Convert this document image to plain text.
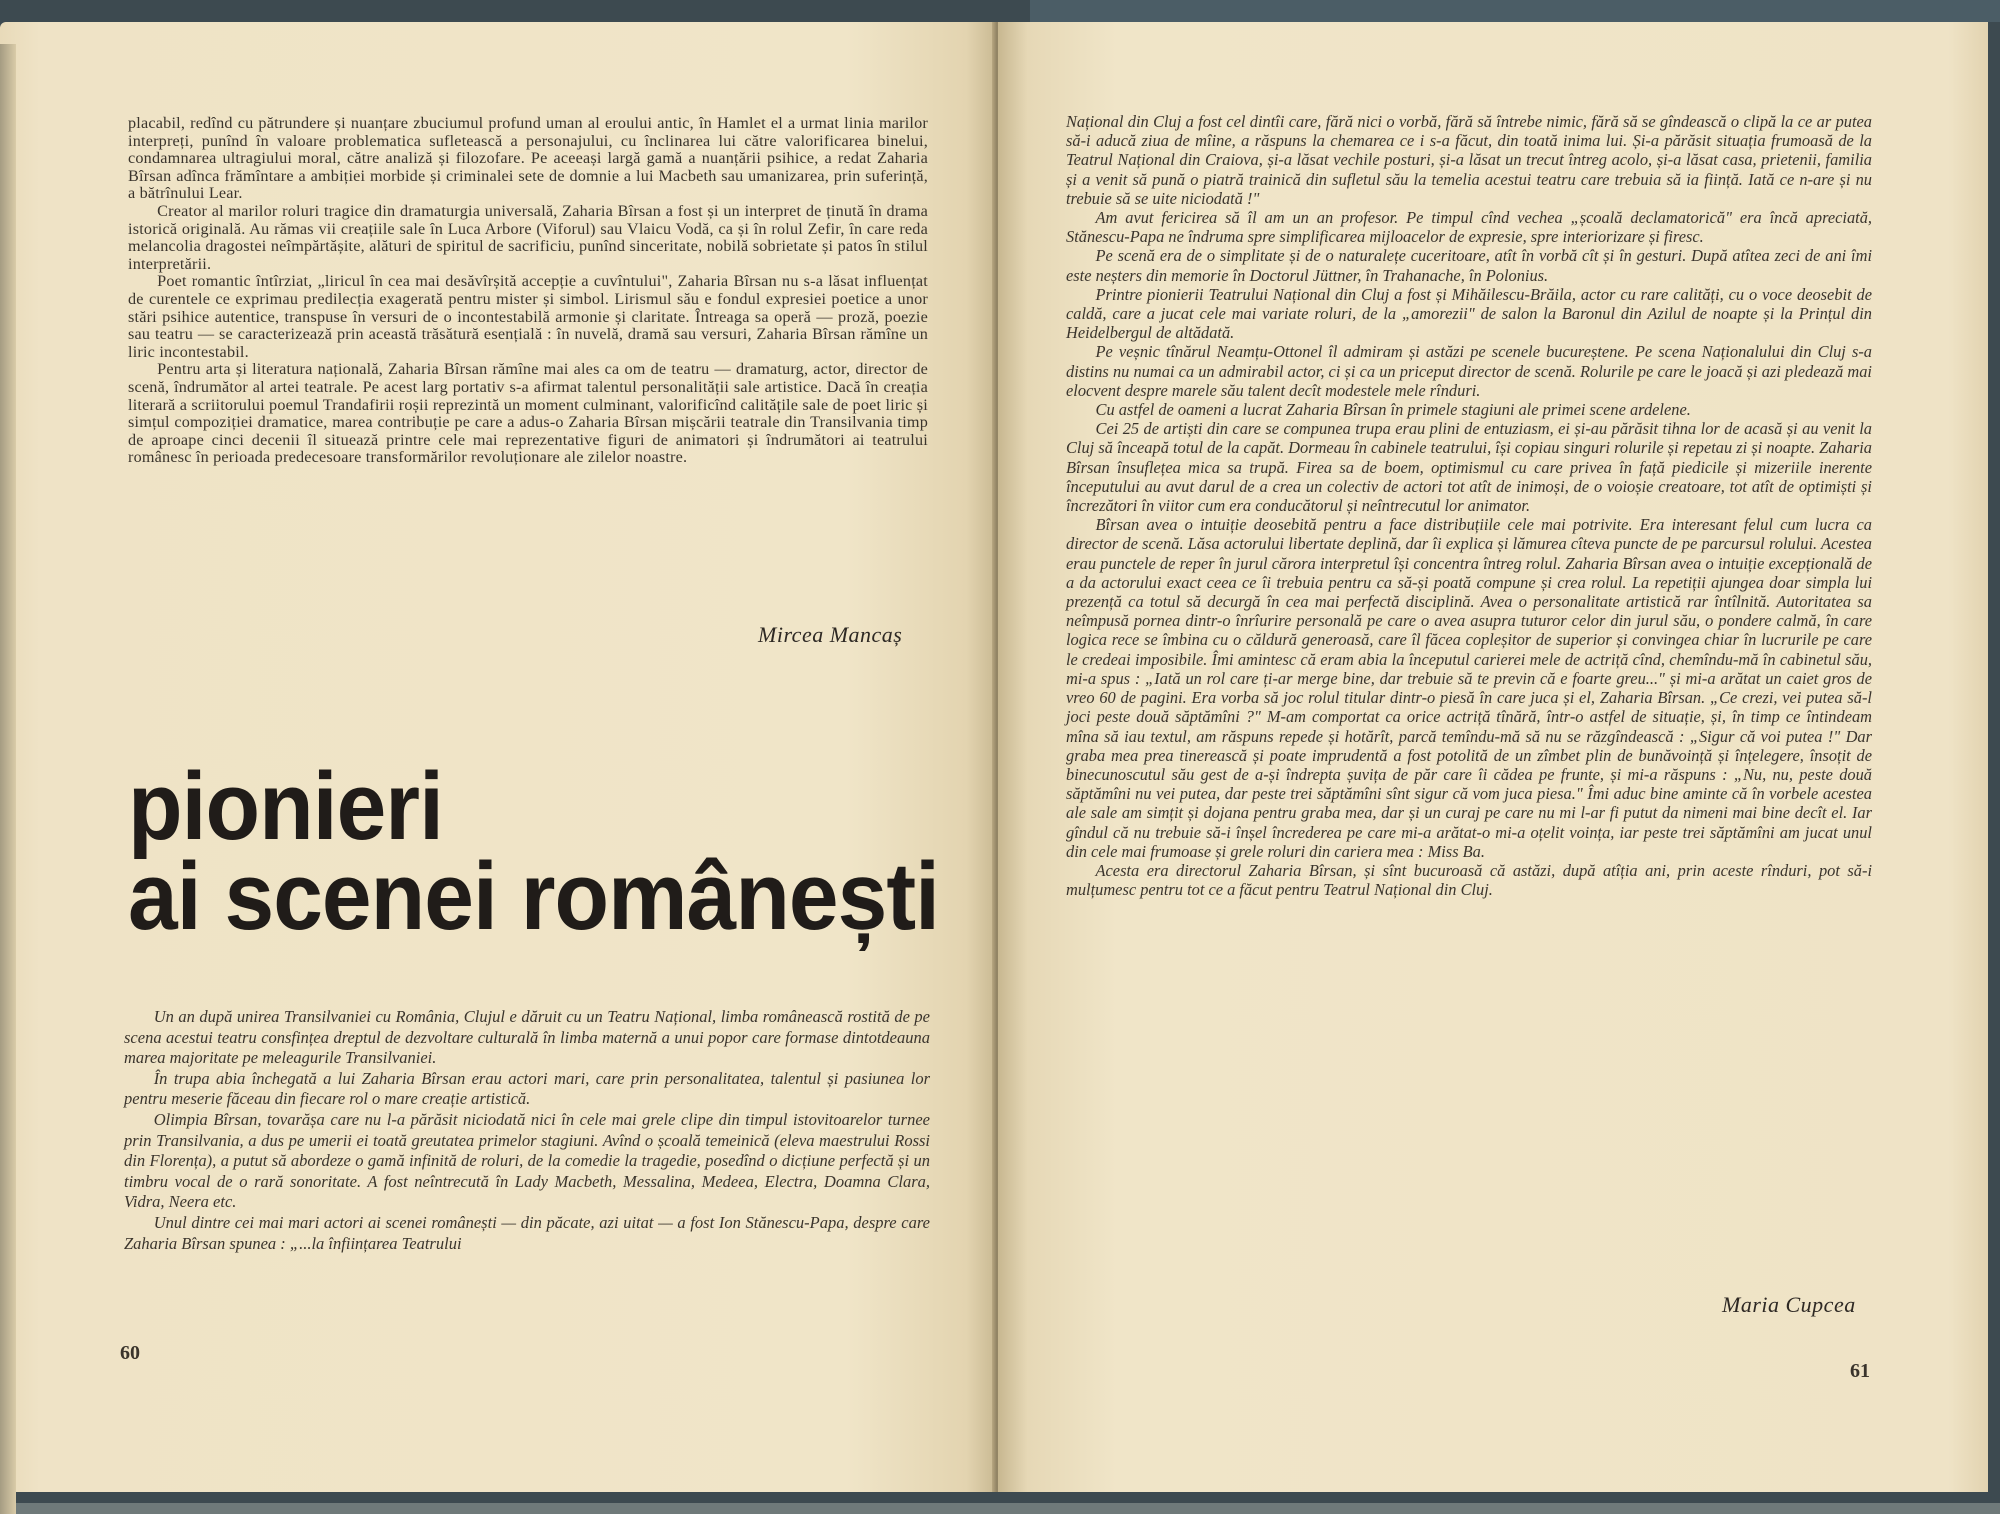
placabil, redînd cu pătrundere și nuanțare zbuciumul profund uman al eroului antic, în Hamlet el a urmat linia marilor interpreți, punînd în valoare problematica sufletească a personajului, cu înclinarea lui către valorificarea binelui, condamnarea ultragiului moral, către analiză și filozofare. Pe aceeași largă gamă a nuanțării psihice, a redat Zaharia Bîrsan adînca frămîntare a ambiției morbide și criminalei sete de domnie a lui Macbeth sau umanizarea, prin suferință, a bătrînului Lear.

Creator al marilor roluri tragice din dramaturgia universală, Zaharia Bîrsan a fost și un interpret de ținută în drama istorică originală. Au rămas vii creațiile sale în Luca Arbore (Viforul) sau Vlaicu Vodă, ca și în rolul Zefir, în care reda melancolia dragostei neîmpărtășite, alături de spiritul de sacrificiu, punînd sinceritate, nobilă sobrietate și patos în stilul interpretării.

Poet romantic întîrziat, „liricul în cea mai desăvîrșită accepție a cuvîntului", Zaharia Bîrsan nu s-a lăsat influențat de curentele ce exprimau predilecția exagerată pentru mister și simbol. Lirismul său e fondul expresiei poetice a unor stări psihice autentice, transpuse în versuri de o incontestabilă armonie și claritate. Întreaga sa operă — proză, poezie sau teatru — se caracterizează prin această trăsătură esențială : în nuvelă, dramă sau versuri, Zaharia Bîrsan rămîne un liric incontestabil.

Pentru arta și literatura națională, Zaharia Bîrsan rămîne mai ales ca om de teatru — dramaturg, actor, director de scenă, îndrumător al artei teatrale. Pe acest larg portativ s-a afirmat talentul personalității sale artistice. Dacă în creația literară a scriitorului poemul Trandafirii roșii reprezintă un moment culminant, valorificînd calitățile sale de poet liric și simțul compoziției dramatice, marea contribuție pe care a adus-o Zaharia Bîrsan mișcării teatrale din Transilvania timp de aproape cinci decenii îl situează printre cele mai reprezentative figuri de animatori și îndrumători ai teatrului românesc în perioada predecesoare transformărilor revoluționare ale zilelor noastre.

Mircea Mancaș
pionieri
ai scenei românești

Un an după unirea Transilvaniei cu România, Clujul e dăruit cu un Teatru Național, limba românească rostită de pe scena acestui teatru consfințea dreptul de dezvoltare culturală în limba maternă a unui popor care formase dintotdeauna marea majoritate pe meleagurile Transilvaniei.

În trupa abia închegată a lui Zaharia Bîrsan erau actori mari, care prin personalitatea, talentul și pasiunea lor pentru meserie făceau din fiecare rol o mare creație artistică.

Olimpia Bîrsan, tovarășa care nu l-a părăsit niciodată nici în cele mai grele clipe din timpul istovitoarelor turnee prin Transilvania, a dus pe umerii ei toată greutatea primelor stagiuni. Avînd o școală temeinică (eleva maestrului Rossi din Florența), a putut să abordeze o gamă infinită de roluri, de la comedie la tragedie, posedînd o dicțiune perfectă și un timbru vocal de o rară sonoritate. A fost neîntrecută în Lady Macbeth, Messalina, Medeea, Electra, Doamna Clara, Vidra, Neera etc.

Unul dintre cei mai mari actori ai scenei românești — din păcate, azi uitat — a fost Ion Stănescu-Papa, despre care Zaharia Bîrsan spunea : „...la înființarea Teatrului

60

Național din Cluj a fost cel dintîi care, fără nici o vorbă, fără să întrebe nimic, fără să se gîndească o clipă la ce ar putea să-i aducă ziua de mîine, a răspuns la chemarea ce i s-a făcut, din toată inima lui. Și-a părăsit situația frumoasă de la Teatrul Național din Craiova, și-a lăsat vechile posturi, și-a lăsat un trecut întreg acolo, și-a lăsat casa, prietenii, familia și a venit să pună o piatră trainică din sufletul său la temelia acestui teatru care trebuia să ia ființă. Iată ce n-are și nu trebuie să se uite niciodată !"

Am avut fericirea să îl am un an profesor. Pe timpul cînd vechea „școală declamatorică" era încă apreciată, Stănescu-Papa ne îndruma spre simplificarea mijloacelor de expresie, spre interiorizare și firesc.

Pe scenă era de o simplitate și de o naturalețe cuceritoare, atît în vorbă cît și în gesturi. După atîtea zeci de ani îmi este neșters din memorie în Doctorul Jüttner, în Trahanache, în Polonius.

Printre pionierii Teatrului Național din Cluj a fost și Mihăilescu-Brăila, actor cu rare calități, cu o voce deosebit de caldă, care a jucat cele mai variate roluri, de la „amorezii" de salon la Baronul din Azilul de noapte și la Prințul din Heidelbergul de altădată.

Pe veșnic tînărul Neamțu-Ottonel îl admiram și astăzi pe scenele bucureștene. Pe scena Naționalului din Cluj s-a distins nu numai ca un admirabil actor, ci și ca un priceput director de scenă. Rolurile pe care le joacă și azi pledează mai elocvent despre marele său talent decît modestele mele rînduri.

Cu astfel de oameni a lucrat Zaharia Bîrsan în primele stagiuni ale primei scene ardelene.

Cei 25 de artiști din care se compunea trupa erau plini de entuziasm, ei și-au părăsit tihna lor de acasă și au venit la Cluj să înceapă totul de la capăt. Dormeau în cabinele teatrului, își copiau singuri rolurile și repetau zi și noapte. Zaharia Bîrsan însuflețea mica sa trupă. Firea sa de boem, optimismul cu care privea în față piedicile și mizeriile inerente începutului au avut darul de a crea un colectiv de actori tot atît de inimoși, de o voioșie creatoare, tot atît de optimiști și încrezători în viitor cum era conducătorul și neîntrecutul lor animator.

Bîrsan avea o intuiție deosebită pentru a face distribuțiile cele mai potrivite. Era interesant felul cum lucra ca director de scenă. Lăsa actorului libertate deplină, dar îi explica și lămurea cîteva puncte de pe parcursul rolului. Acestea erau punctele de reper în jurul cărora interpretul își concentra întreg rolul. Zaharia Bîrsan avea o intuiție excepțională de a da actorului exact ceea ce îi trebuia pentru ca să-și poată compune și crea rolul. La repetiții ajungea doar simpla lui prezență ca totul să decurgă în cea mai perfectă disciplină. Avea o personalitate artistică rar întîlnită. Autoritatea sa neîmpusă pornea dintr-o înrîurire personală pe care o avea asupra tuturor celor din jurul său, o pondere calmă, în care logica rece se îmbina cu o căldură generoasă, care îl făcea copleșitor de superior și convingea chiar în lucrurile pe care le credeai imposibile. Îmi amintesc că eram abia la începutul carierei mele de actriță cînd, chemîndu-mă în cabinetul său, mi-a spus : „Iată un rol care ți-ar merge bine, dar trebuie să te previn că e foarte greu..." și mi-a arătat un caiet gros de vreo 60 de pagini. Era vorba să joc rolul titular dintr-o piesă în care juca și el, Zaharia Bîrsan. „Ce crezi, vei putea să-l joci peste două săptămîni ?" M-am comportat ca orice actriță tînără, într-o astfel de situație, și, în timp ce întindeam mîna să iau textul, am răspuns repede și hotărît, parcă temîndu-mă să nu se răzgîndească : „Sigur că voi putea !" Dar graba mea prea tinerească și poate imprudentă a fost potolită de un zîmbet plin de bunăvoință și înțelegere, însoțit de binecunoscutul său gest de a-și îndrepta șuvița de păr care îi cădea pe frunte, și mi-a răspuns : „Nu, nu, peste două săptămîni nu vei putea, dar peste trei săptămîni sînt sigur că vom juca piesa." Îmi aduc bine aminte că în vorbele acestea ale sale am simțit și dojana pentru graba mea, dar și un curaj pe care nu mi l-ar fi putut da nimeni mai bine decît el. Iar gîndul că nu trebuie să-i înșel încrederea pe care mi-a arătat-o mi-a oțelit voința, iar peste trei săptămîni am jucat unul din cele mai frumoase și grele roluri din cariera mea : Miss Ba.

Acesta era directorul Zaharia Bîrsan, și sînt bucuroasă că astăzi, după atîția ani, prin aceste rînduri, pot să-i mulțumesc pentru tot ce a făcut pentru Teatrul Național din Cluj.

Maria Cupcea
61
